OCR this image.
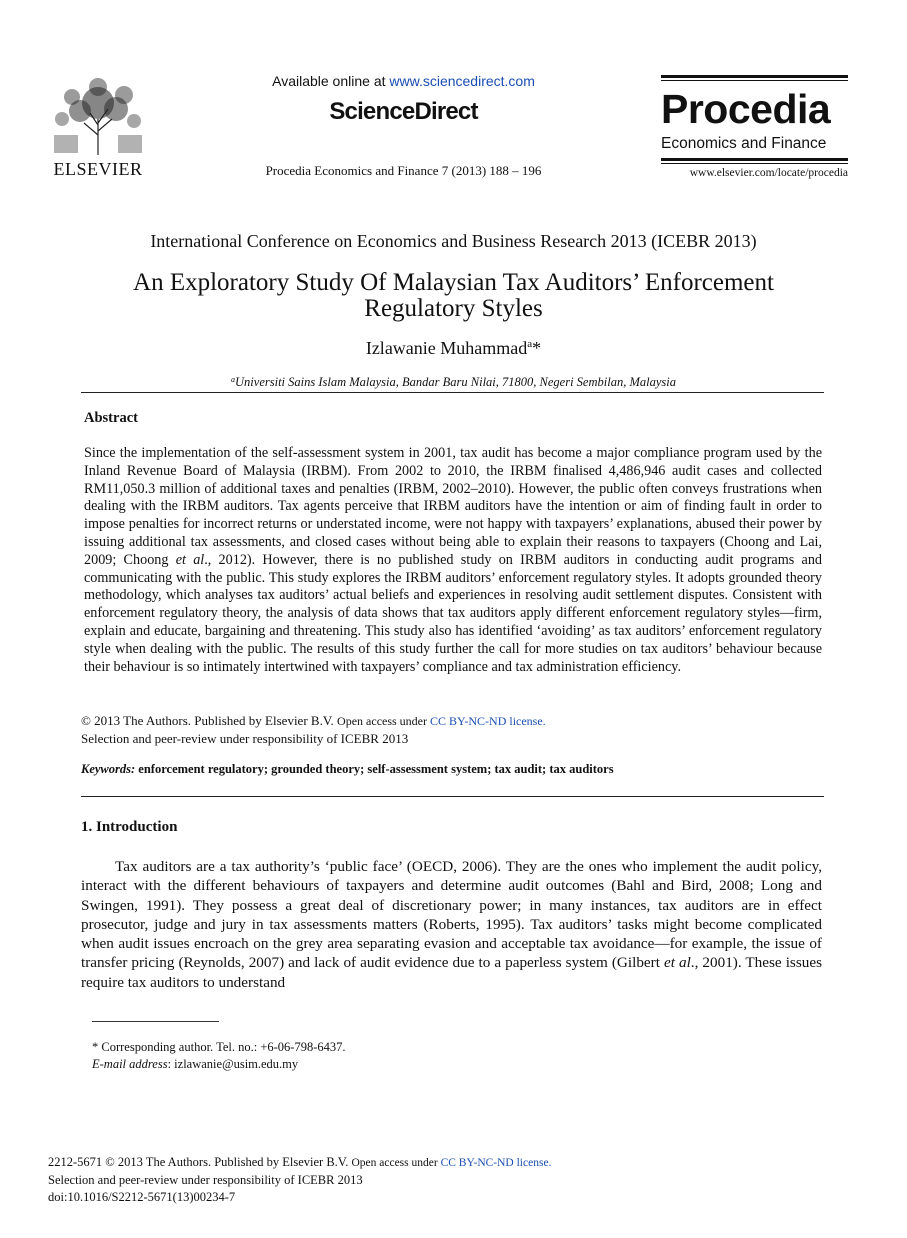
ELSEVIER
Available online at www.sciencedirect.com
ScienceDirect
Procedia Economics and Finance 7 (2013) 188 – 196
Procedia
Economics and Finance
www.elsevier.com/locate/procedia
International Conference on Economics and Business Research 2013 (ICEBR 2013)
An Exploratory Study Of Malaysian Tax Auditors’ Enforcement
Regulatory Styles
Izlawanie Muhammad$^a$*
$^a$Universiti Sains Islam Malaysia, Bandar Baru Nilai, 71800, Negeri Sembilan, Malaysia
Abstract
Since the implementation of the self-assessment system in 2001, tax audit has become a major compliance program used by the Inland Revenue Board of Malaysia (IRBM). From 2002 to 2010, the IRBM finalised 4,486,946 audit cases and collected RM11,050.3 million of additional taxes and penalties (IRBM, 2002–2010). However, the public often conveys frustrations when dealing with the IRBM auditors. Tax agents perceive that IRBM auditors have the intention or aim of finding fault in order to impose penalties for incorrect returns or understated income, were not happy with taxpayers’ explanations, abused their power by issuing additional tax assessments, and closed cases without being able to explain their reasons to taxpayers (Choong and Lai, 2009; Choong et al., 2012). However, there is no published study on IRBM auditors in conducting audit programs and communicating with the public. This study explores the IRBM auditors’ enforcement regulatory styles. It adopts grounded theory methodology, which analyses tax auditors’ actual beliefs and experiences in resolving audit settlement disputes. Consistent with enforcement regulatory theory, the analysis of data shows that tax auditors apply different enforcement regulatory styles—firm, explain and educate, bargaining and threatening. This study also has identified ‘avoiding’ as tax auditors’ enforcement regulatory style when dealing with the public. The results of this study further the call for more studies on tax auditors’ behaviour because their behaviour is so intimately intertwined with taxpayers’ compliance and tax administration efficiency.
© 2013 The Authors. Published by Elsevier B.V. Open access under CC BY-NC-ND license.
Selection and peer-review under responsibility of ICEBR 2013
Keywords: enforcement regulatory; grounded theory; self-assessment system; tax audit; tax auditors
1. Introduction
Tax auditors are a tax authority’s ‘public face’ (OECD, 2006). They are the ones who implement the audit policy, interact with the different behaviours of taxpayers and determine audit outcomes (Bahl and Bird, 2008; Long and Swingen, 1991). They possess a great deal of discretionary power; in many instances, tax auditors are in effect prosecutor, judge and jury in tax assessments matters (Roberts, 1995). Tax auditors’ tasks might become complicated when audit issues encroach on the grey area separating evasion and acceptable tax avoidance—for example, the issue of transfer pricing (Reynolds, 2007) and lack of audit evidence due to a paperless system (Gilbert et al., 2001). These issues require tax auditors to understand
* Corresponding author. Tel. no.: +6-06-798-6437.
E-mail address: izlawanie@usim.edu.my
2212-5671 © 2013 The Authors. Published by Elsevier B.V. Open access under CC BY-NC-ND license.
Selection and peer-review under responsibility of ICEBR 2013
doi:10.1016/S2212-5671(13)00234-7
